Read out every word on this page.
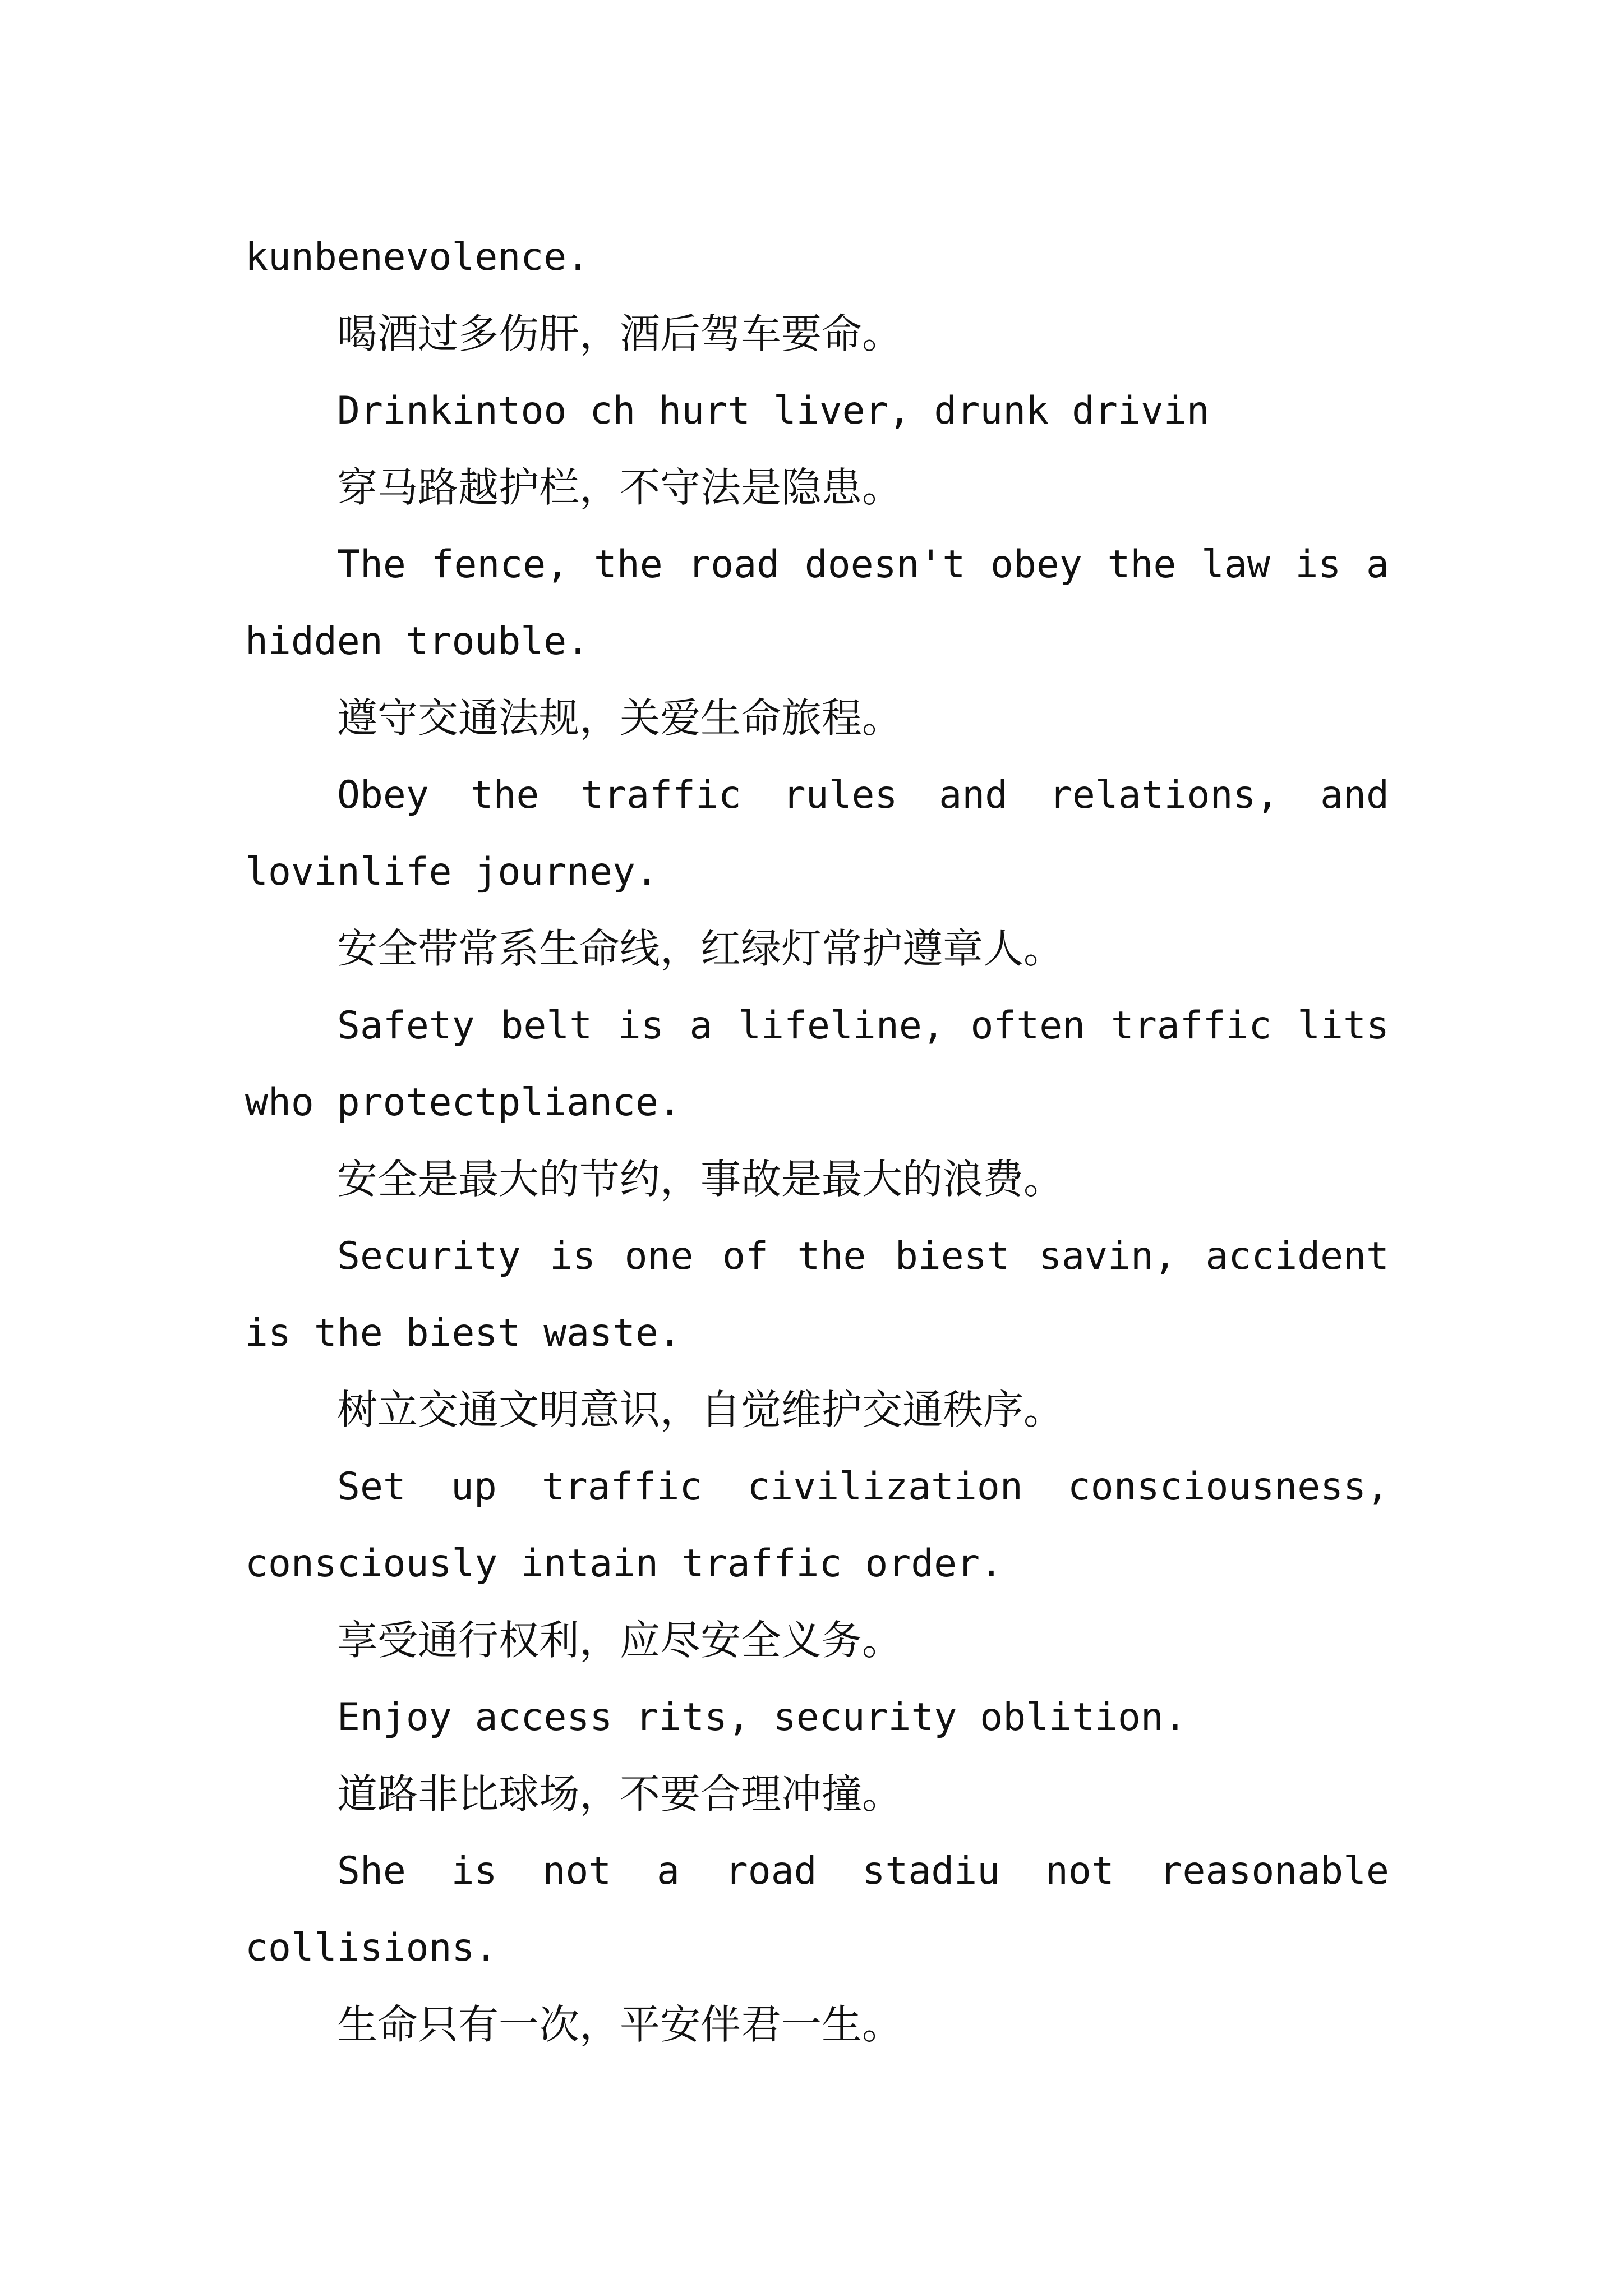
kunbenevolence.
喝酒过多伤肝，酒后驾车要命。
Drinkintoo ch hurt liver, drunk drivin
穿马路越护栏，不守法是隐患。
The fence, the road doesn't obey the law is a hidden trouble.
遵守交通法规，关爱生命旅程。
Obey the traffic rules and relations, and lovinlife journey.
安全带常系生命线，红绿灯常护遵章人。
Safety belt is a lifeline, often traffic lits who protectpliance.
安全是最大的节约，事故是最大的浪费。
Security is one of the biest savin, accident is the biest waste.
树立交通文明意识，自觉维护交通秩序。
Set up traffic civilization consciousness, consciously intain traffic order.
享受通行权利，应尽安全义务。
Enjoy access rits, security oblition.
道路非比球场，不要合理冲撞。
She is not a road stadiu not reasonable collisions.
生命只有一次，平安伴君一生。
